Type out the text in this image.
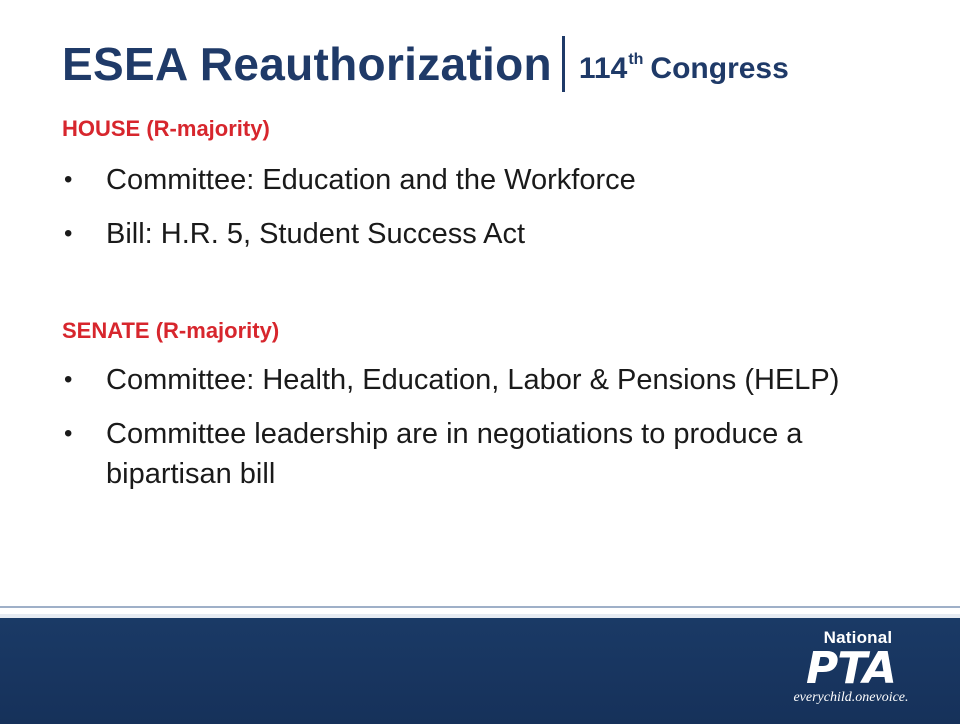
ESEA Reauthorization 114th Congress
HOUSE (R-majority)
• Committee: Education and the Workforce
• Bill: H.R. 5, Student Success Act
SENATE (R-majority)
• Committee: Health, Education, Labor & Pensions (HELP)
• Committee leadership are in negotiations to produce a bipartisan bill
National
PTA
everychild.onevoice.
